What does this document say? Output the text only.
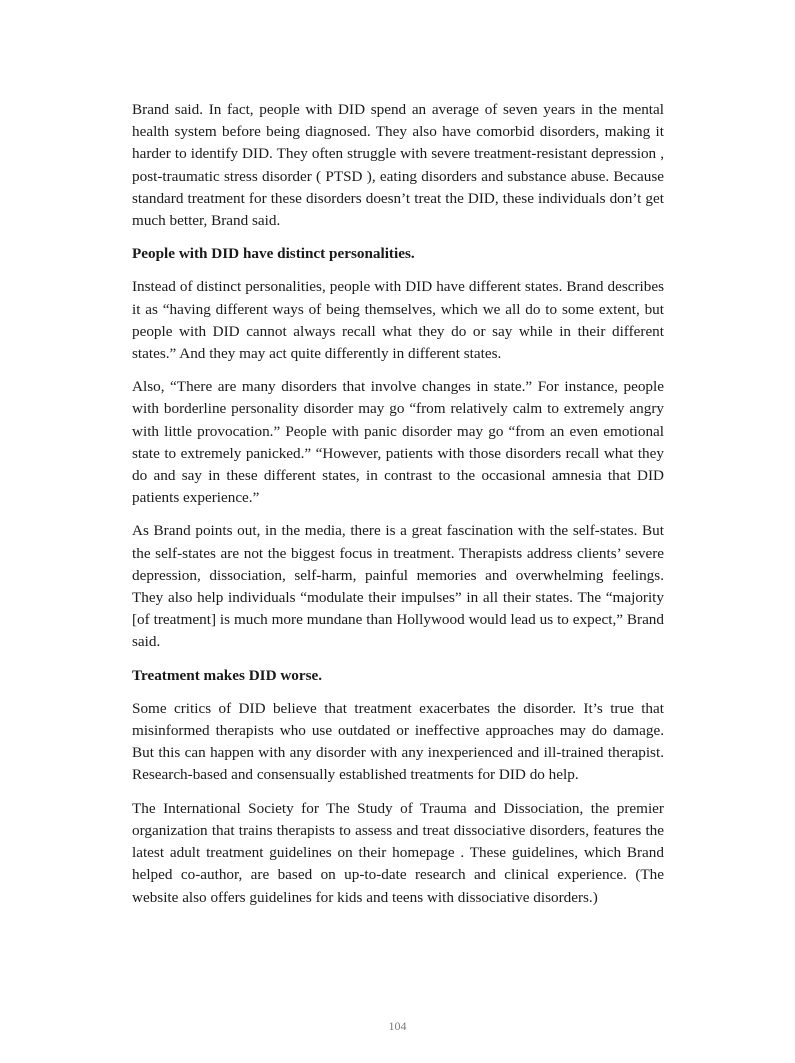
Brand said. In fact, people with DID spend an average of seven years in the mental health system before being diagnosed. They also have comorbid disorders, making it harder to identify DID. They often struggle with severe treatment-resistant depression , post-traumatic stress disorder ( PTSD ), eating disorders and substance abuse. Because standard treatment for these disorders doesn’t treat the DID, these individuals don’t get much better, Brand said.

People with DID have distinct personalities.

Instead of distinct personalities, people with DID have different states. Brand describes it as “having different ways of being themselves, which we all do to some extent, but people with DID cannot always recall what they do or say while in their different states.” And they may act quite differently in different states.

Also, “There are many disorders that involve changes in state.” For instance, people with borderline personality disorder may go “from relatively calm to extremely angry with little provocation.” People with panic disorder may go “from an even emotional state to extremely panicked.” “However, patients with those disorders recall what they do and say in these different states, in contrast to the occasional amnesia that DID patients experience.”

As Brand points out, in the media, there is a great fascination with the self-states. But the self-states are not the biggest focus in treatment. Therapists address clients’ severe depression, dissociation, self-harm, painful memories and overwhelming feelings. They also help individuals “modulate their impulses” in all their states. The “majority [of treatment] is much more mundane than Hollywood would lead us to expect,” Brand said.

Treatment makes DID worse.

Some critics of DID believe that treatment exacerbates the disorder. It’s true that misinformed therapists who use outdated or ineffective approaches may do damage. But this can happen with any disorder with any inexperienced and ill-trained therapist. Research-based and consensually established treatments for DID do help.

The International Society for The Study of Trauma and Dissociation, the premier organization that trains therapists to assess and treat dissociative disorders, features the latest adult treatment guidelines on their homepage . These guidelines, which Brand helped co-author, are based on up-to-date research and clinical experience. (The website also offers guidelines for kids and teens with dissociative disorders.)

104
